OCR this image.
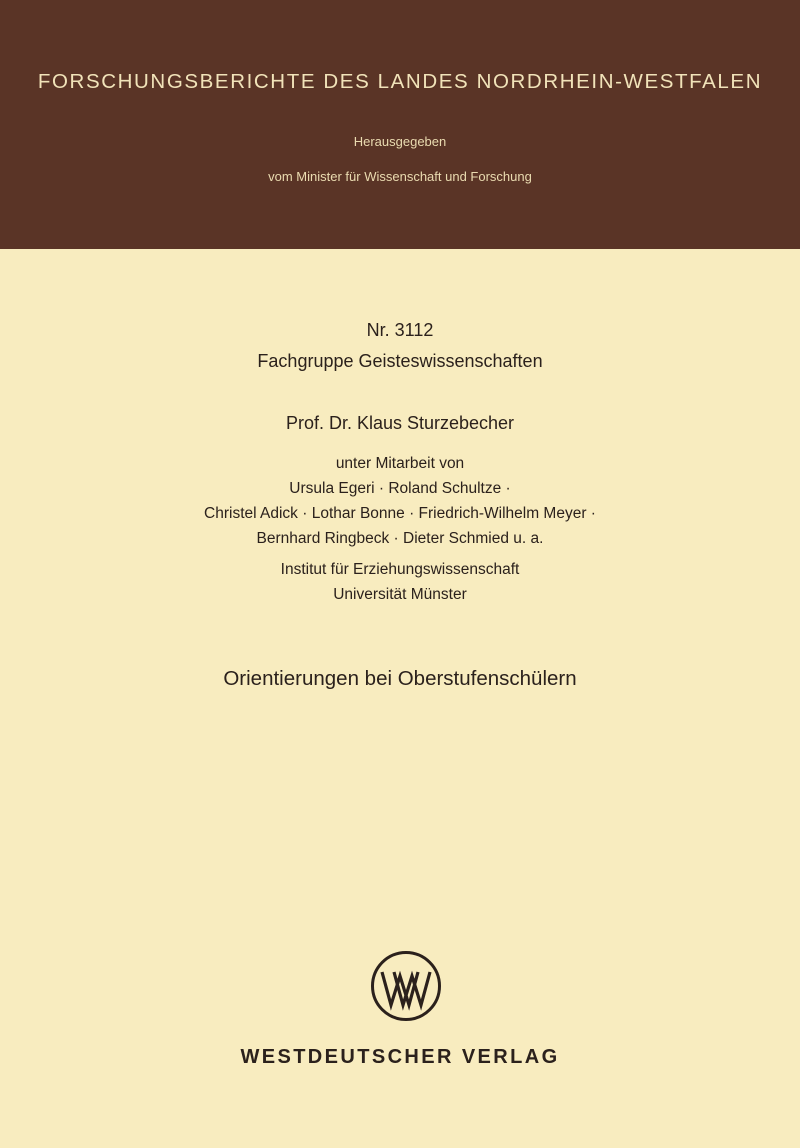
FORSCHUNGSBERICHTE DES LANDES NORDRHEIN-WESTFALEN
Herausgegeben
vom Minister für Wissenschaft und Forschung
Nr. 3112
Fachgruppe Geisteswissenschaften
Prof. Dr. Klaus Sturzebecher
unter Mitarbeit von
Ursula Egeri · Roland Schultze ·
Christel Adick · Lothar Bonne · Friedrich-Wilhelm Meyer ·
Bernhard Ringbeck · Dieter Schmied u. a.
Institut für Erziehungswissenschaft
Universität Münster
Orientierungen bei Oberstufenschülern
WESTDEUTSCHER VERLAG
